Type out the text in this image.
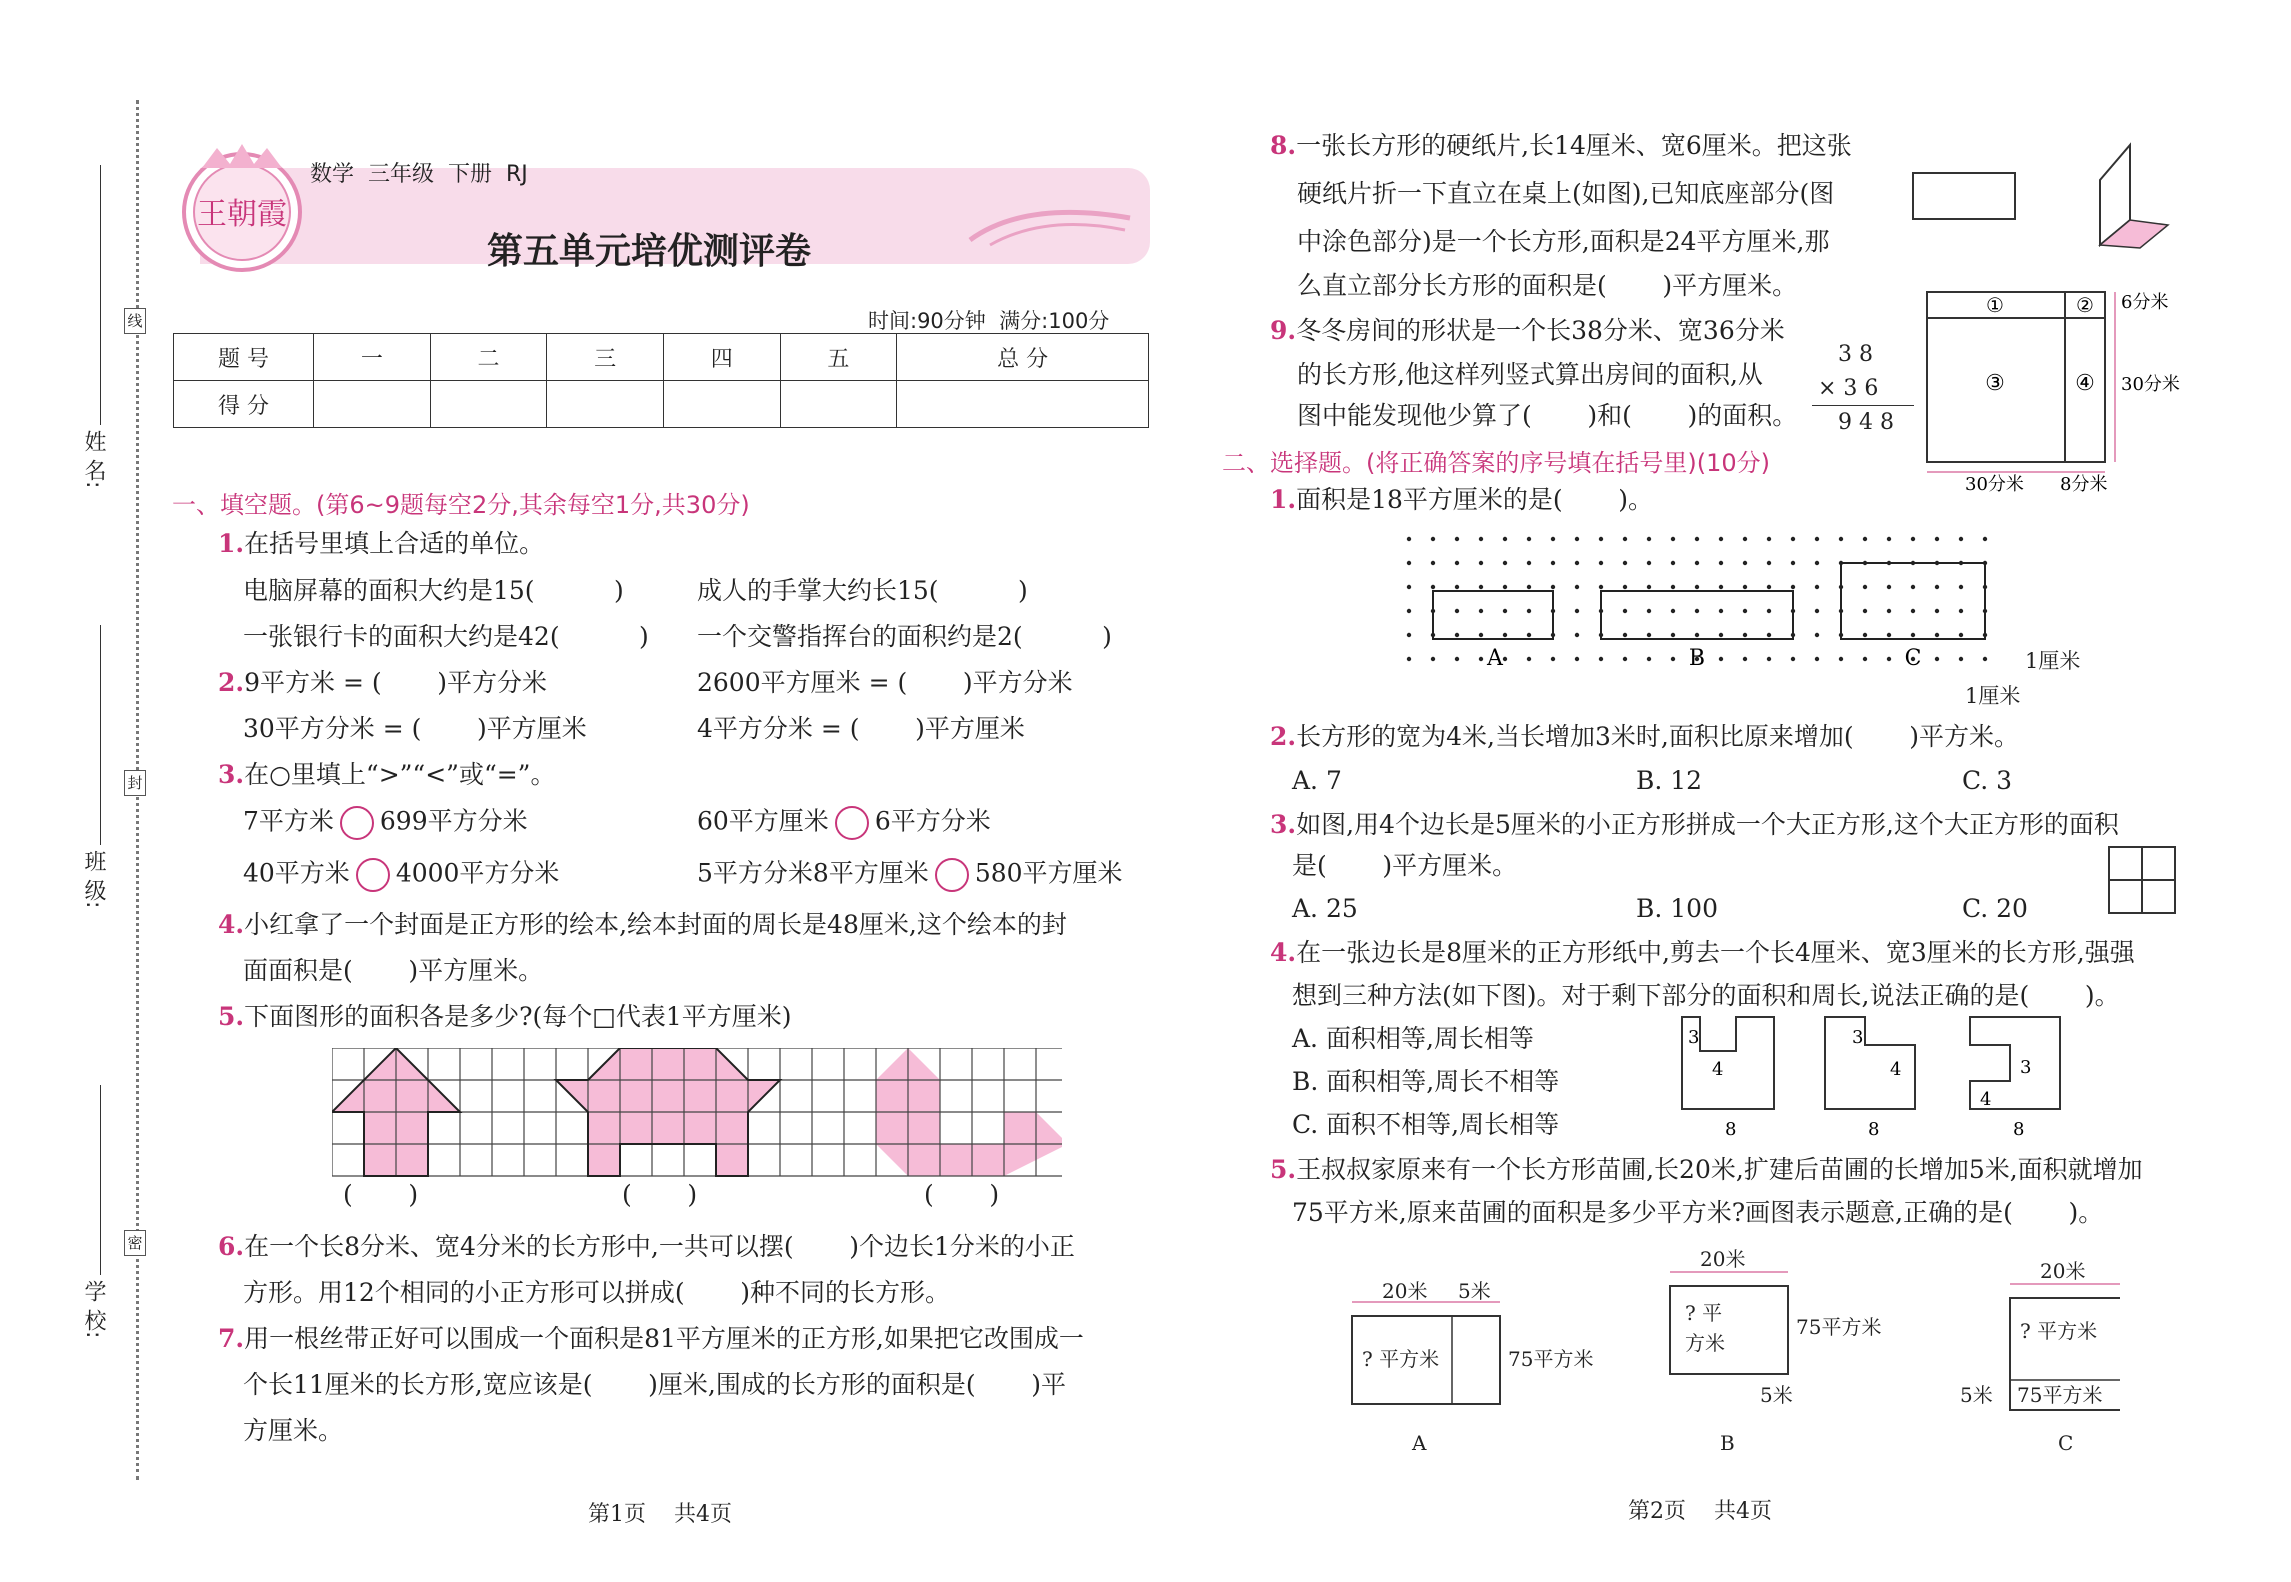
姓 名:
班 级:
学 校:
线
封
密
王朝霞
数学  三年级  下册  RJ
第五单元培优测评卷
时间:90分钟  满分:100分
题 号	一	二	三	四	五	总 分
得 分						
一、填空题。(第6~9题每空2分,其余每空1分,共30分)
1.在括号里填上合适的单位。
电脑屏幕的面积大约是15(          )	成人的手掌大约长15(          )
一张银行卡的面积大约是42(          ) 一个交警指挥台的面积约是2(          )
2.9平方米 = (       )平方分米	2600平方厘米 = (       )平方分米
30平方分米 = (       )平方厘米	4平方分米 = (       )平方厘米
3.在○里填上“>”“<”或“=”。
7平方米 699平方分米	60平方厘米 6平方分米
40平方米 4000平方分米	5平方分米8平方厘米 580平方厘米
4.小红拿了一个封面是正方形的绘本,绘本封面的周长是48厘米,这个绘本的封
面面积是(       )平方厘米。
5.下面图形的面积各是多少?(每个□代表1平方厘米)
(       )	(       )	(       )
6.在一个长8分米、宽4分米的长方形中,一共可以摆(       )个边长1分米的小正
方形。用12个相同的小正方形可以拼成(       )种不同的长方形。
7.用一根丝带正好可以围成一个面积是81平方厘米的正方形,如果把它改围成一
个长11厘米的长方形,宽应该是(       )厘米,围成的长方形的面积是(       )平
方厘米。
第1页    共4页
8.一张长方形的硬纸片,长14厘米、宽6厘米。把这张
硬纸片折一下直立在桌上(如图),已知底座部分(图
中涂色部分)是一个长方形,面积是24平方厘米,那
么直立部分长方形的面积是(       )平方厘米。
9.冬冬房间的形状是一个长38分米、宽36分米
的长方形,他这样列竖式算出房间的面积,从
图中能发现他少算了(       )和(       )的面积。
3 8
× 3 6
9 4 8
①	②
③	④
6分米
30分米
30分米 8分米
二、选择题。(将正确答案的序号填在括号里)(10分)
1.面积是18平方厘米的是(       )。
A	B	C	1厘米
1厘米
2.长方形的宽为4米,当长增加3米时,面积比原来增加(       )平方米。
A. 7	B. 12	C. 3
3.如图,用4个边长是5厘米的小正方形拼成一个大正方形,这个大正方形的面积
是(       )平方厘米。
A. 25	B. 100	C. 20
4.在一张边长是8厘米的正方形纸中,剪去一个长4厘米、宽3厘米的长方形,强强
想到三种方法(如下图)。对于剩下部分的面积和周长,说法正确的是(       )。
A. 面积相等,周长相等
B. 面积相等,周长不相等
C. 面积不相等,周长相等
3
4
8
3
4
8
3
4
8
5.王叔叔家原来有一个长方形苗圃,长20米,扩建后苗圃的长增加5米,面积就增加
75平方米,原来苗圃的面积是多少平方米?画图表示题意,正确的是(       )。
20米 5米
? 平方米	75平方米
A
20米
? 平
方米
75平方米
5米
B
20米
? 平方米
75平方米
5米
C
第2页    共4页
